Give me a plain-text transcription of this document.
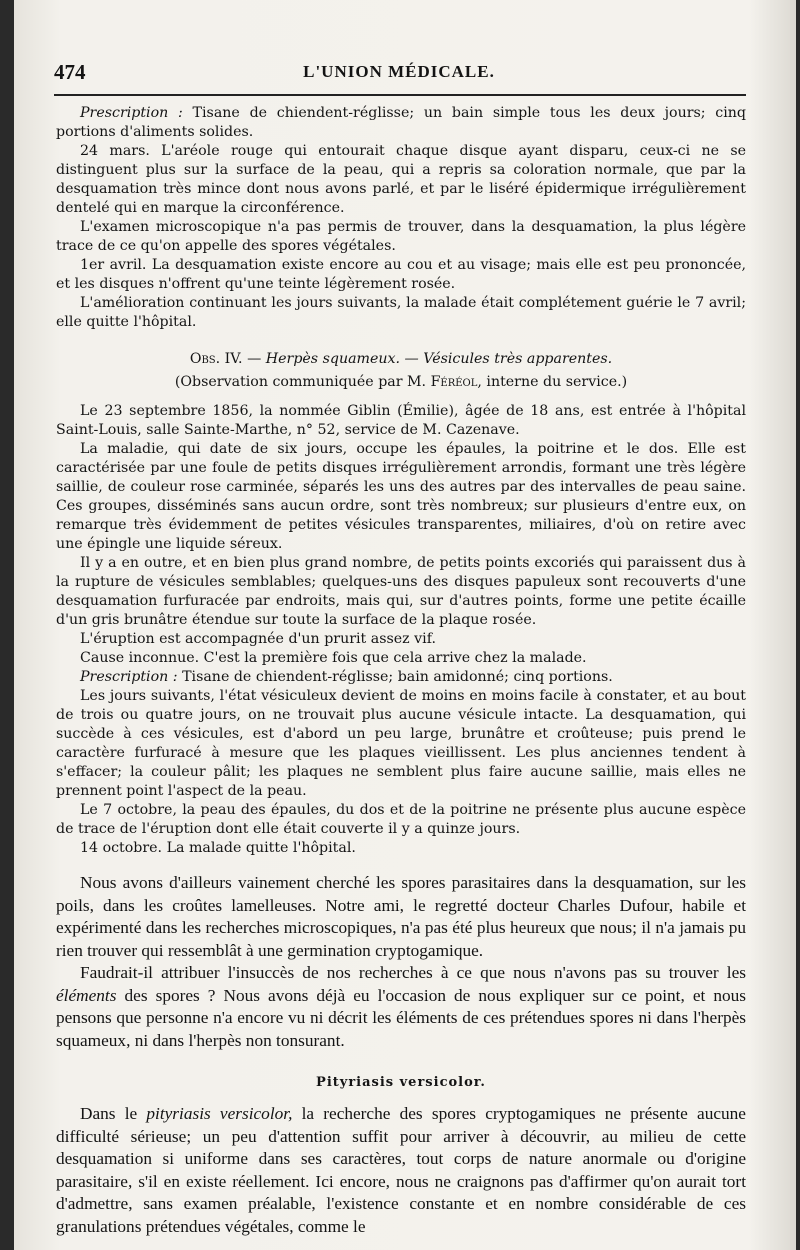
474	L'UNION MÉDICALE.

Prescription : Tisane de chiendent-réglisse; un bain simple tous les deux jours; cinq portions d'aliments solides.

24 mars. L'aréole rouge qui entourait chaque disque ayant disparu, ceux-ci ne se distinguent plus sur la surface de la peau, qui a repris sa coloration normale, que par la desquamation très mince dont nous avons parlé, et par le liséré épidermique irrégulièrement dentelé qui en marque la circonférence.

L'examen microscopique n'a pas permis de trouver, dans la desquamation, la plus légère trace de ce qu'on appelle des spores végétales.

1er avril. La desquamation existe encore au cou et au visage; mais elle est peu prononcée, et les disques n'offrent qu'une teinte légèrement rosée.

L'amélioration continuant les jours suivants, la malade était complétement guérie le 7 avril; elle quitte l'hôpital.

Obs. IV. — Herpès squameux. — Vésicules très apparentes.

(Observation communiquée par M. Féréol, interne du service.)

Le 23 septembre 1856, la nommée Giblin (Émilie), âgée de 18 ans, est entrée à l'hôpital Saint-Louis, salle Sainte-Marthe, n° 52, service de M. Cazenave.

La maladie, qui date de six jours, occupe les épaules, la poitrine et le dos. Elle est caractérisée par une foule de petits disques irrégulièrement arrondis, formant une très légère saillie, de couleur rose carminée, séparés les uns des autres par des intervalles de peau saine. Ces groupes, disséminés sans aucun ordre, sont très nombreux; sur plusieurs d'entre eux, on remarque très évidemment de petites vésicules transparentes, miliaires, d'où on retire avec une épingle une liquide séreux.

Il y a en outre, et en bien plus grand nombre, de petits points excoriés qui paraissent dus à la rupture de vésicules semblables; quelques-uns des disques papuleux sont recouverts d'une desquamation furfuracée par endroits, mais qui, sur d'autres points, forme une petite écaille d'un gris brunâtre étendue sur toute la surface de la plaque rosée.

L'éruption est accompagnée d'un prurit assez vif.

Cause inconnue. C'est la première fois que cela arrive chez la malade.

Prescription : Tisane de chiendent-réglisse; bain amidonné; cinq portions.

Les jours suivants, l'état vésiculeux devient de moins en moins facile à constater, et au bout de trois ou quatre jours, on ne trouvait plus aucune vésicule intacte. La desquamation, qui succède à ces vésicules, est d'abord un peu large, brunâtre et croûteuse; puis prend le caractère furfuracé à mesure que les plaques vieillissent. Les plus anciennes tendent à s'effacer; la couleur pâlit; les plaques ne semblent plus faire aucune saillie, mais elles ne prennent point l'aspect de la peau.

Le 7 octobre, la peau des épaules, du dos et de la poitrine ne présente plus aucune espèce de trace de l'éruption dont elle était couverte il y a quinze jours.

14 octobre. La malade quitte l'hôpital.

Nous avons d'ailleurs vainement cherché les spores parasitaires dans la desquamation, sur les poils, dans les croûtes lamelleuses. Notre ami, le regretté docteur Charles Dufour, habile et expérimenté dans les recherches microscopiques, n'a pas été plus heureux que nous; il n'a jamais pu rien trouver qui ressemblât à une germination cryptogamique.

Faudrait-il attribuer l'insuccès de nos recherches à ce que nous n'avons pas su trouver les éléments des spores ? Nous avons déjà eu l'occasion de nous expliquer sur ce point, et nous pensons que personne n'a encore vu ni décrit les éléments de ces prétendues spores ni dans l'herpès squameux, ni dans l'herpès non tonsurant.

Pityriasis versicolor.

Dans le pityriasis versicolor, la recherche des spores cryptogamiques ne présente aucune difficulté sérieuse; un peu d'attention suffit pour arriver à découvrir, au milieu de cette desquamation si uniforme dans ses caractères, tout corps de nature anormale ou d'origine parasitaire, s'il en existe réellement. Ici encore, nous ne craignons pas d'affirmer qu'on aurait tort d'admettre, sans examen préalable, l'existence constante et en nombre considérable de ces granulations prétendues végétales, comme le
